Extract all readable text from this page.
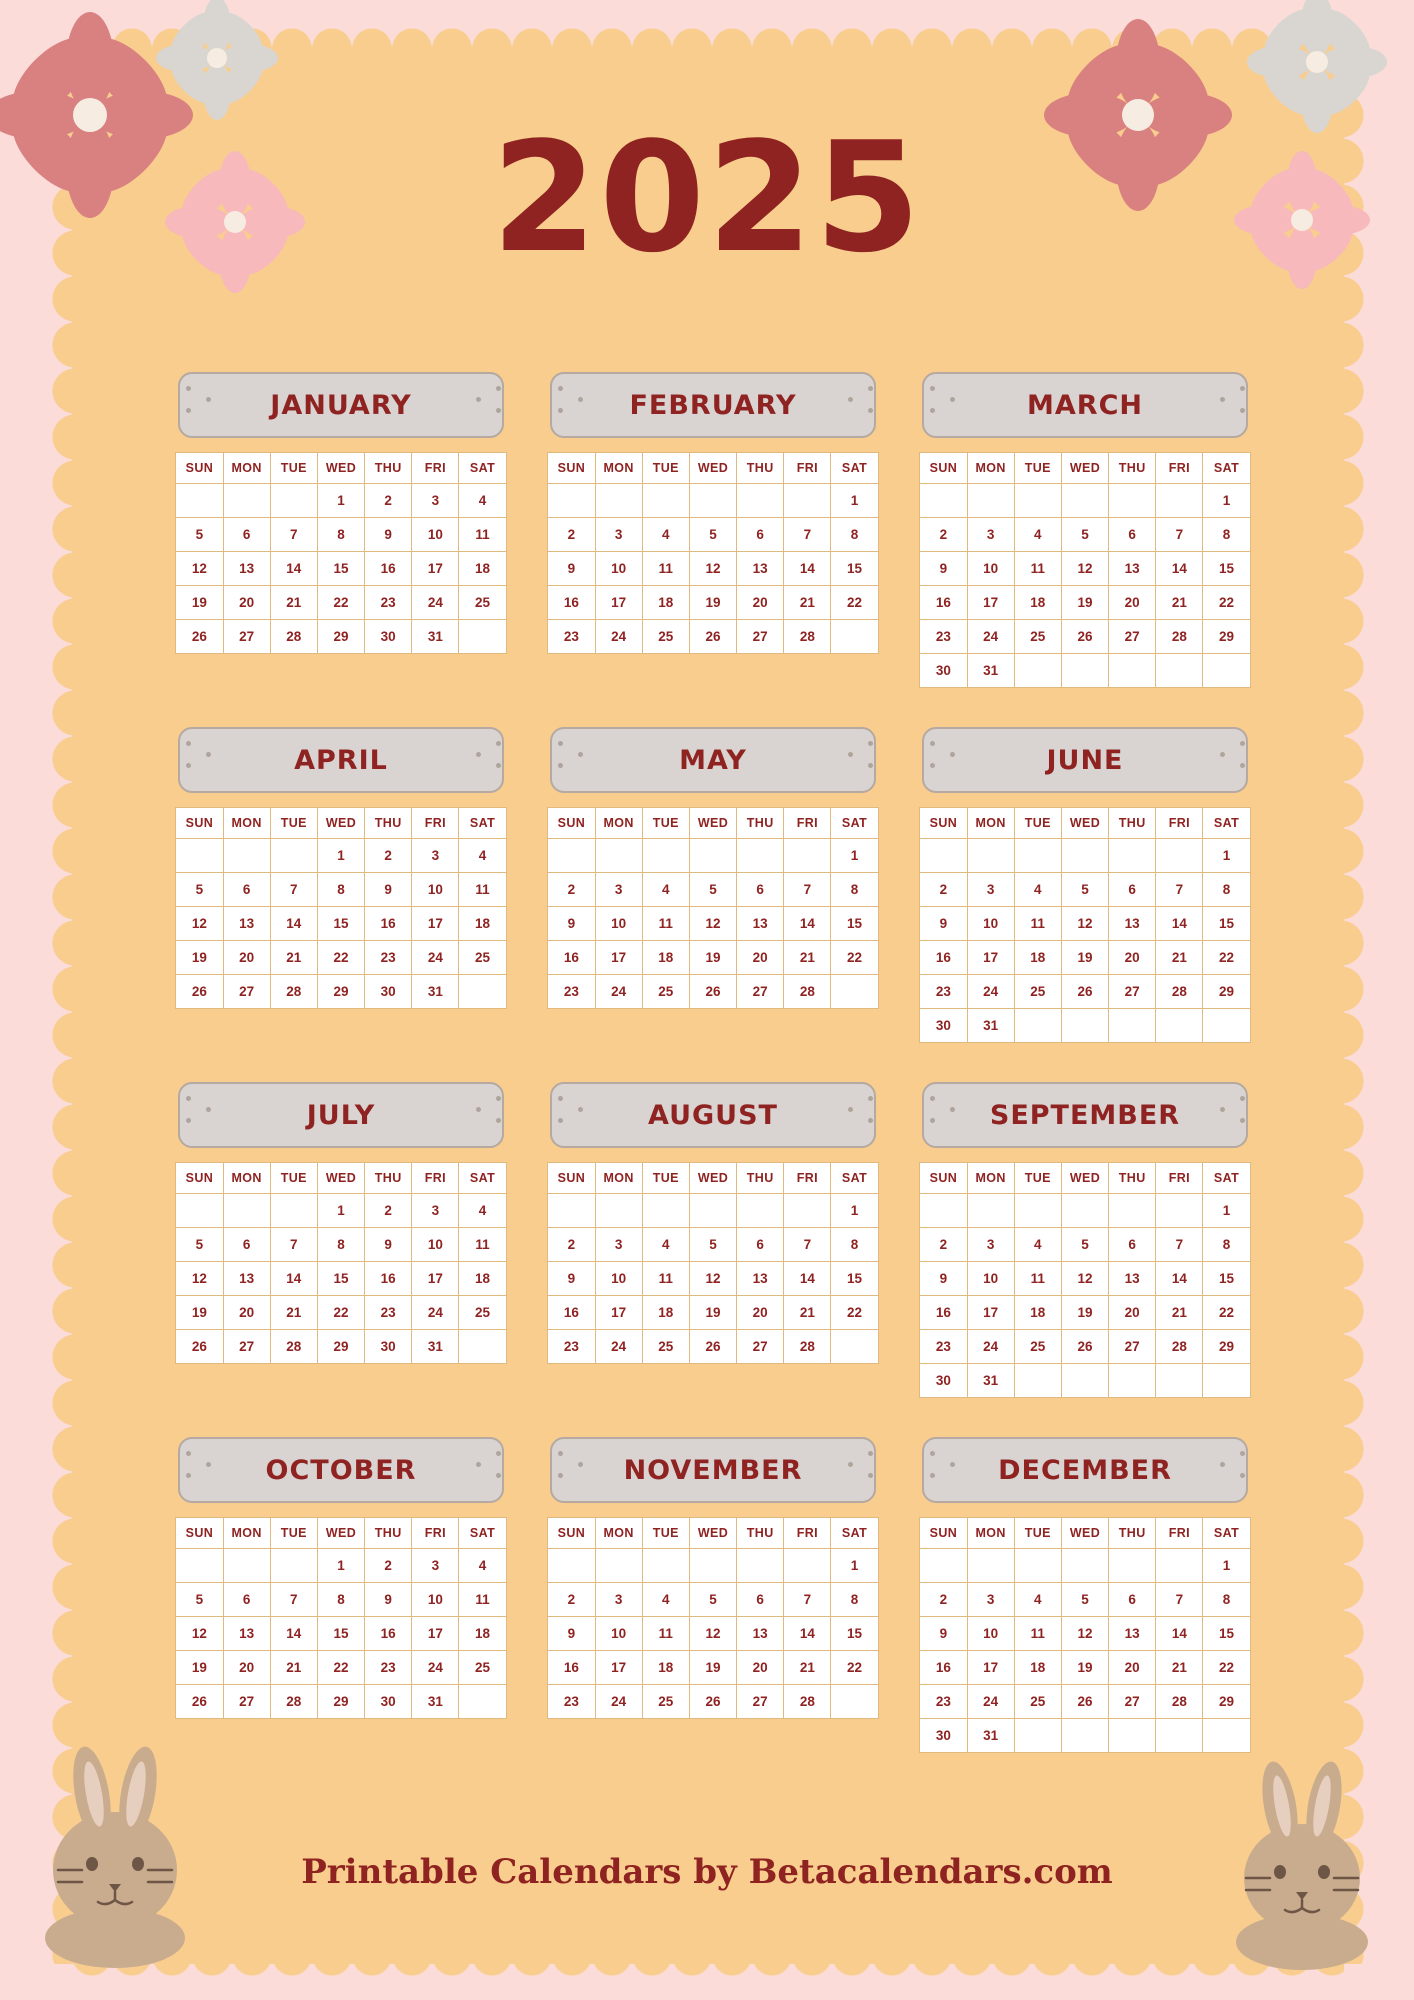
2025
JANUARY
SUN	MON	TUE	WED	THU	FRI	SAT
			1	2	3	4
5	6	7	8	9	10	11
12	13	14	15	16	17	18
19	20	21	22	23	24	25
26	27	28	29	30	31	
FEBRUARY
SUN	MON	TUE	WED	THU	FRI	SAT
						1
2	3	4	5	6	7	8
9	10	11	12	13	14	15
16	17	18	19	20	21	22
23	24	25	26	27	28	
MARCH
SUN	MON	TUE	WED	THU	FRI	SAT
						1
2	3	4	5	6	7	8
9	10	11	12	13	14	15
16	17	18	19	20	21	22
23	24	25	26	27	28	29
30	31					
APRIL
SUN	MON	TUE	WED	THU	FRI	SAT
			1	2	3	4
5	6	7	8	9	10	11
12	13	14	15	16	17	18
19	20	21	22	23	24	25
26	27	28	29	30	31	
MAY
SUN	MON	TUE	WED	THU	FRI	SAT
						1
2	3	4	5	6	7	8
9	10	11	12	13	14	15
16	17	18	19	20	21	22
23	24	25	26	27	28	
JUNE
SUN	MON	TUE	WED	THU	FRI	SAT
						1
2	3	4	5	6	7	8
9	10	11	12	13	14	15
16	17	18	19	20	21	22
23	24	25	26	27	28	29
30	31					
JULY
SUN	MON	TUE	WED	THU	FRI	SAT
			1	2	3	4
5	6	7	8	9	10	11
12	13	14	15	16	17	18
19	20	21	22	23	24	25
26	27	28	29	30	31	
AUGUST
SUN	MON	TUE	WED	THU	FRI	SAT
						1
2	3	4	5	6	7	8
9	10	11	12	13	14	15
16	17	18	19	20	21	22
23	24	25	26	27	28	
SEPTEMBER
SUN	MON	TUE	WED	THU	FRI	SAT
						1
2	3	4	5	6	7	8
9	10	11	12	13	14	15
16	17	18	19	20	21	22
23	24	25	26	27	28	29
30	31					
OCTOBER
SUN	MON	TUE	WED	THU	FRI	SAT
			1	2	3	4
5	6	7	8	9	10	11
12	13	14	15	16	17	18
19	20	21	22	23	24	25
26	27	28	29	30	31	
NOVEMBER
SUN	MON	TUE	WED	THU	FRI	SAT
						1
2	3	4	5	6	7	8
9	10	11	12	13	14	15
16	17	18	19	20	21	22
23	24	25	26	27	28	
DECEMBER
SUN	MON	TUE	WED	THU	FRI	SAT
						1
2	3	4	5	6	7	8
9	10	11	12	13	14	15
16	17	18	19	20	21	22
23	24	25	26	27	28	29
30	31					
Printable Calendars by Betacalendars.com
